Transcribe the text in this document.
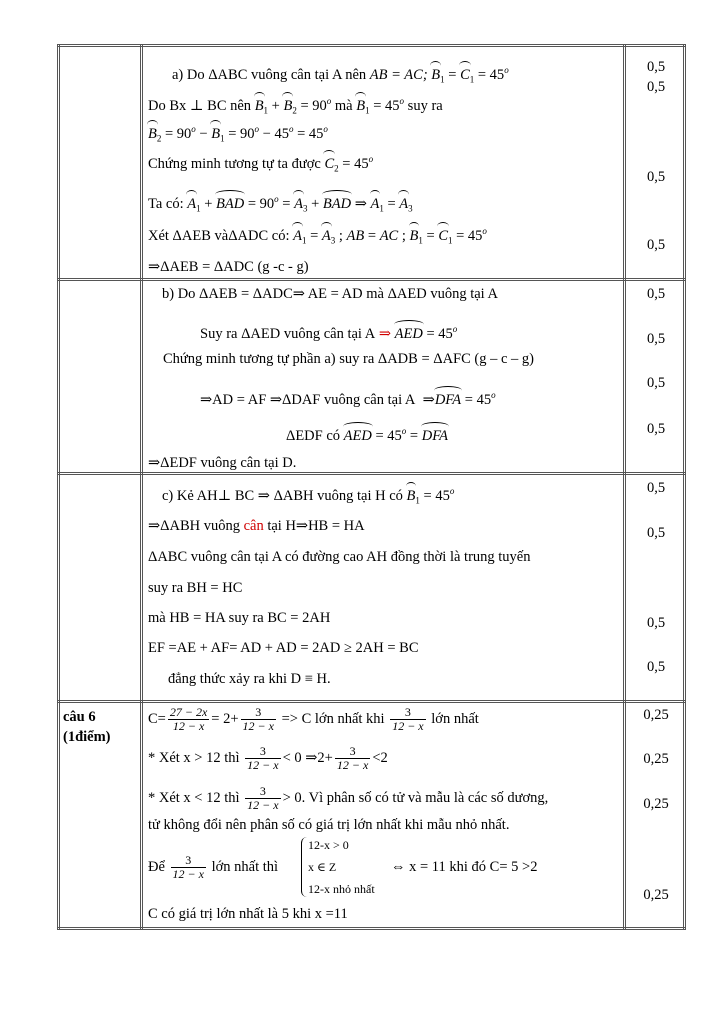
a) Do ΔABC vuông cân tại A nên AB = AC; $B_1 = C_1 = 45^o$
Do Bx ⊥ BC nên $B_1 + B_2 = 90^o$ mà $B_1 = 45^o$ suy ra
$B_2 = 90^o - B_1 = 90^o - 45^o = 45^o$
Chứng minh tương tự ta được $C_2 = 45^o$
Ta có: $A_1$ + BAD = $90^o = A_3$ + BAD ⇒ $A_1 = A_3$
Xét ΔAEB vàΔADC có: $A_1 = A_3$ ; AB = AC ; $B_1 = C_1 = 45^o$
⇒ΔAEB = ΔADC (g -c - g)
b) Do ΔAEB = ΔADC⇒ AE = AD mà ΔAED vuông tại A
Suy ra ΔAED vuông cân tại A ⇒ AED = $45^o$
Chứng minh tương tự phần a) suy ra ΔADB = ΔAFC (g – c – g)
⇒AD = AF ⇒ΔDAF vuông cân tại A  ⇒DFA = $45^o$
ΔEDF có AED = $45^o$ = DFA
⇒ΔEDF vuông cân tại D.
c) Kẻ AH⊥ BC ⇒ ΔABH vuông tại H có $B_1 = 45^o$
⇒ΔABH vuông cân tại H⇒HB = HA
ΔABC vuông cân tại A có đường cao AH đồng thời là trung tuyến
suy ra BH = HC
mà HB = HA suy ra BC = 2AH
EF =AE + AF= AD + AD = 2AD ≥ 2AH = BC
đẳng thức xảy ra khi D ≡ H.
câu 6
(1điểm)
$C= \frac{27 - 2x}{12 - x} = 2+ \frac{3}{12 - x} => C$ lớn nhất khi $\frac{3}{12 - x}$ lớn nhất
* Xét x > 12 thì $\frac{3}{12 - x} < 0$ ⇒2+ $\frac{3}{12 - x} <2$
* Xét x < 12 thì $\frac{3}{12 - x} > 0$. Vì phân số có tử và mẫu là các số dương,
tử không đổi nên phân số có giá trị lớn nhất khi mẫu nhỏ nhất.
Để $\frac{3}{12 - x}$ lớn nhất thì
12-x > 0
x ∈ Z
12-x nhỏ nhất
⇔ x = 11 khi đó C= 5 >2
C có giá trị lớn nhất là 5 khi x =11
0,5
0,5
0,5
0,5
0,5
0,5
0,5
0,5
0,5
0,5
0,5
0,5
0,25
0,25
0,25
0,25
